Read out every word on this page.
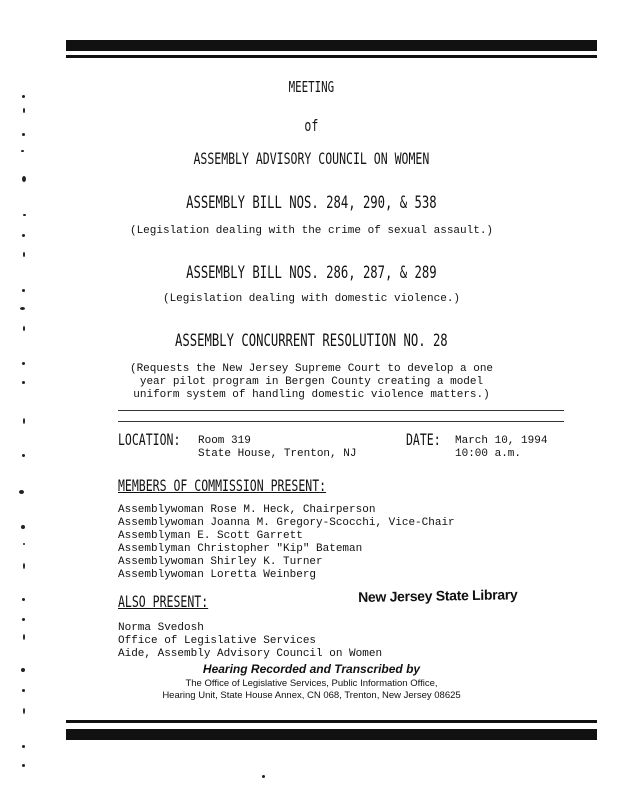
MEETING
of
ASSEMBLY ADVISORY COUNCIL ON WOMEN
ASSEMBLY BILL NOS. 284, 290, & 538
(Legislation dealing with the crime of sexual assault.)
ASSEMBLY BILL NOS. 286, 287, & 289
(Legislation dealing with domestic violence.)
ASSEMBLY CONCURRENT RESOLUTION NO. 28
(Requests the New Jersey Supreme Court to develop a one
year pilot program in Bergen County creating a model
uniform system of handling domestic violence matters.)
LOCATION: Room 319
State House, Trenton, NJ
DATE: March 10, 1994
10:00 a.m.
MEMBERS OF COMMISSION PRESENT:
Assemblywoman Rose M. Heck, Chairperson
Assemblywoman Joanna M. Gregory-Scocchi, Vice-Chair
Assemblyman E. Scott Garrett
Assemblyman Christopher "Kip" Bateman
Assemblywoman Shirley K. Turner
Assemblywoman Loretta Weinberg
ALSO PRESENT:	New Jersey State Library
Norma Svedosh
Office of Legislative Services
Aide, Assembly Advisory Council on Women
Hearing Recorded and Transcribed by
The Office of Legislative Services, Public Information Office,
Hearing Unit, State House Annex, CN 068, Trenton, New Jersey 08625
